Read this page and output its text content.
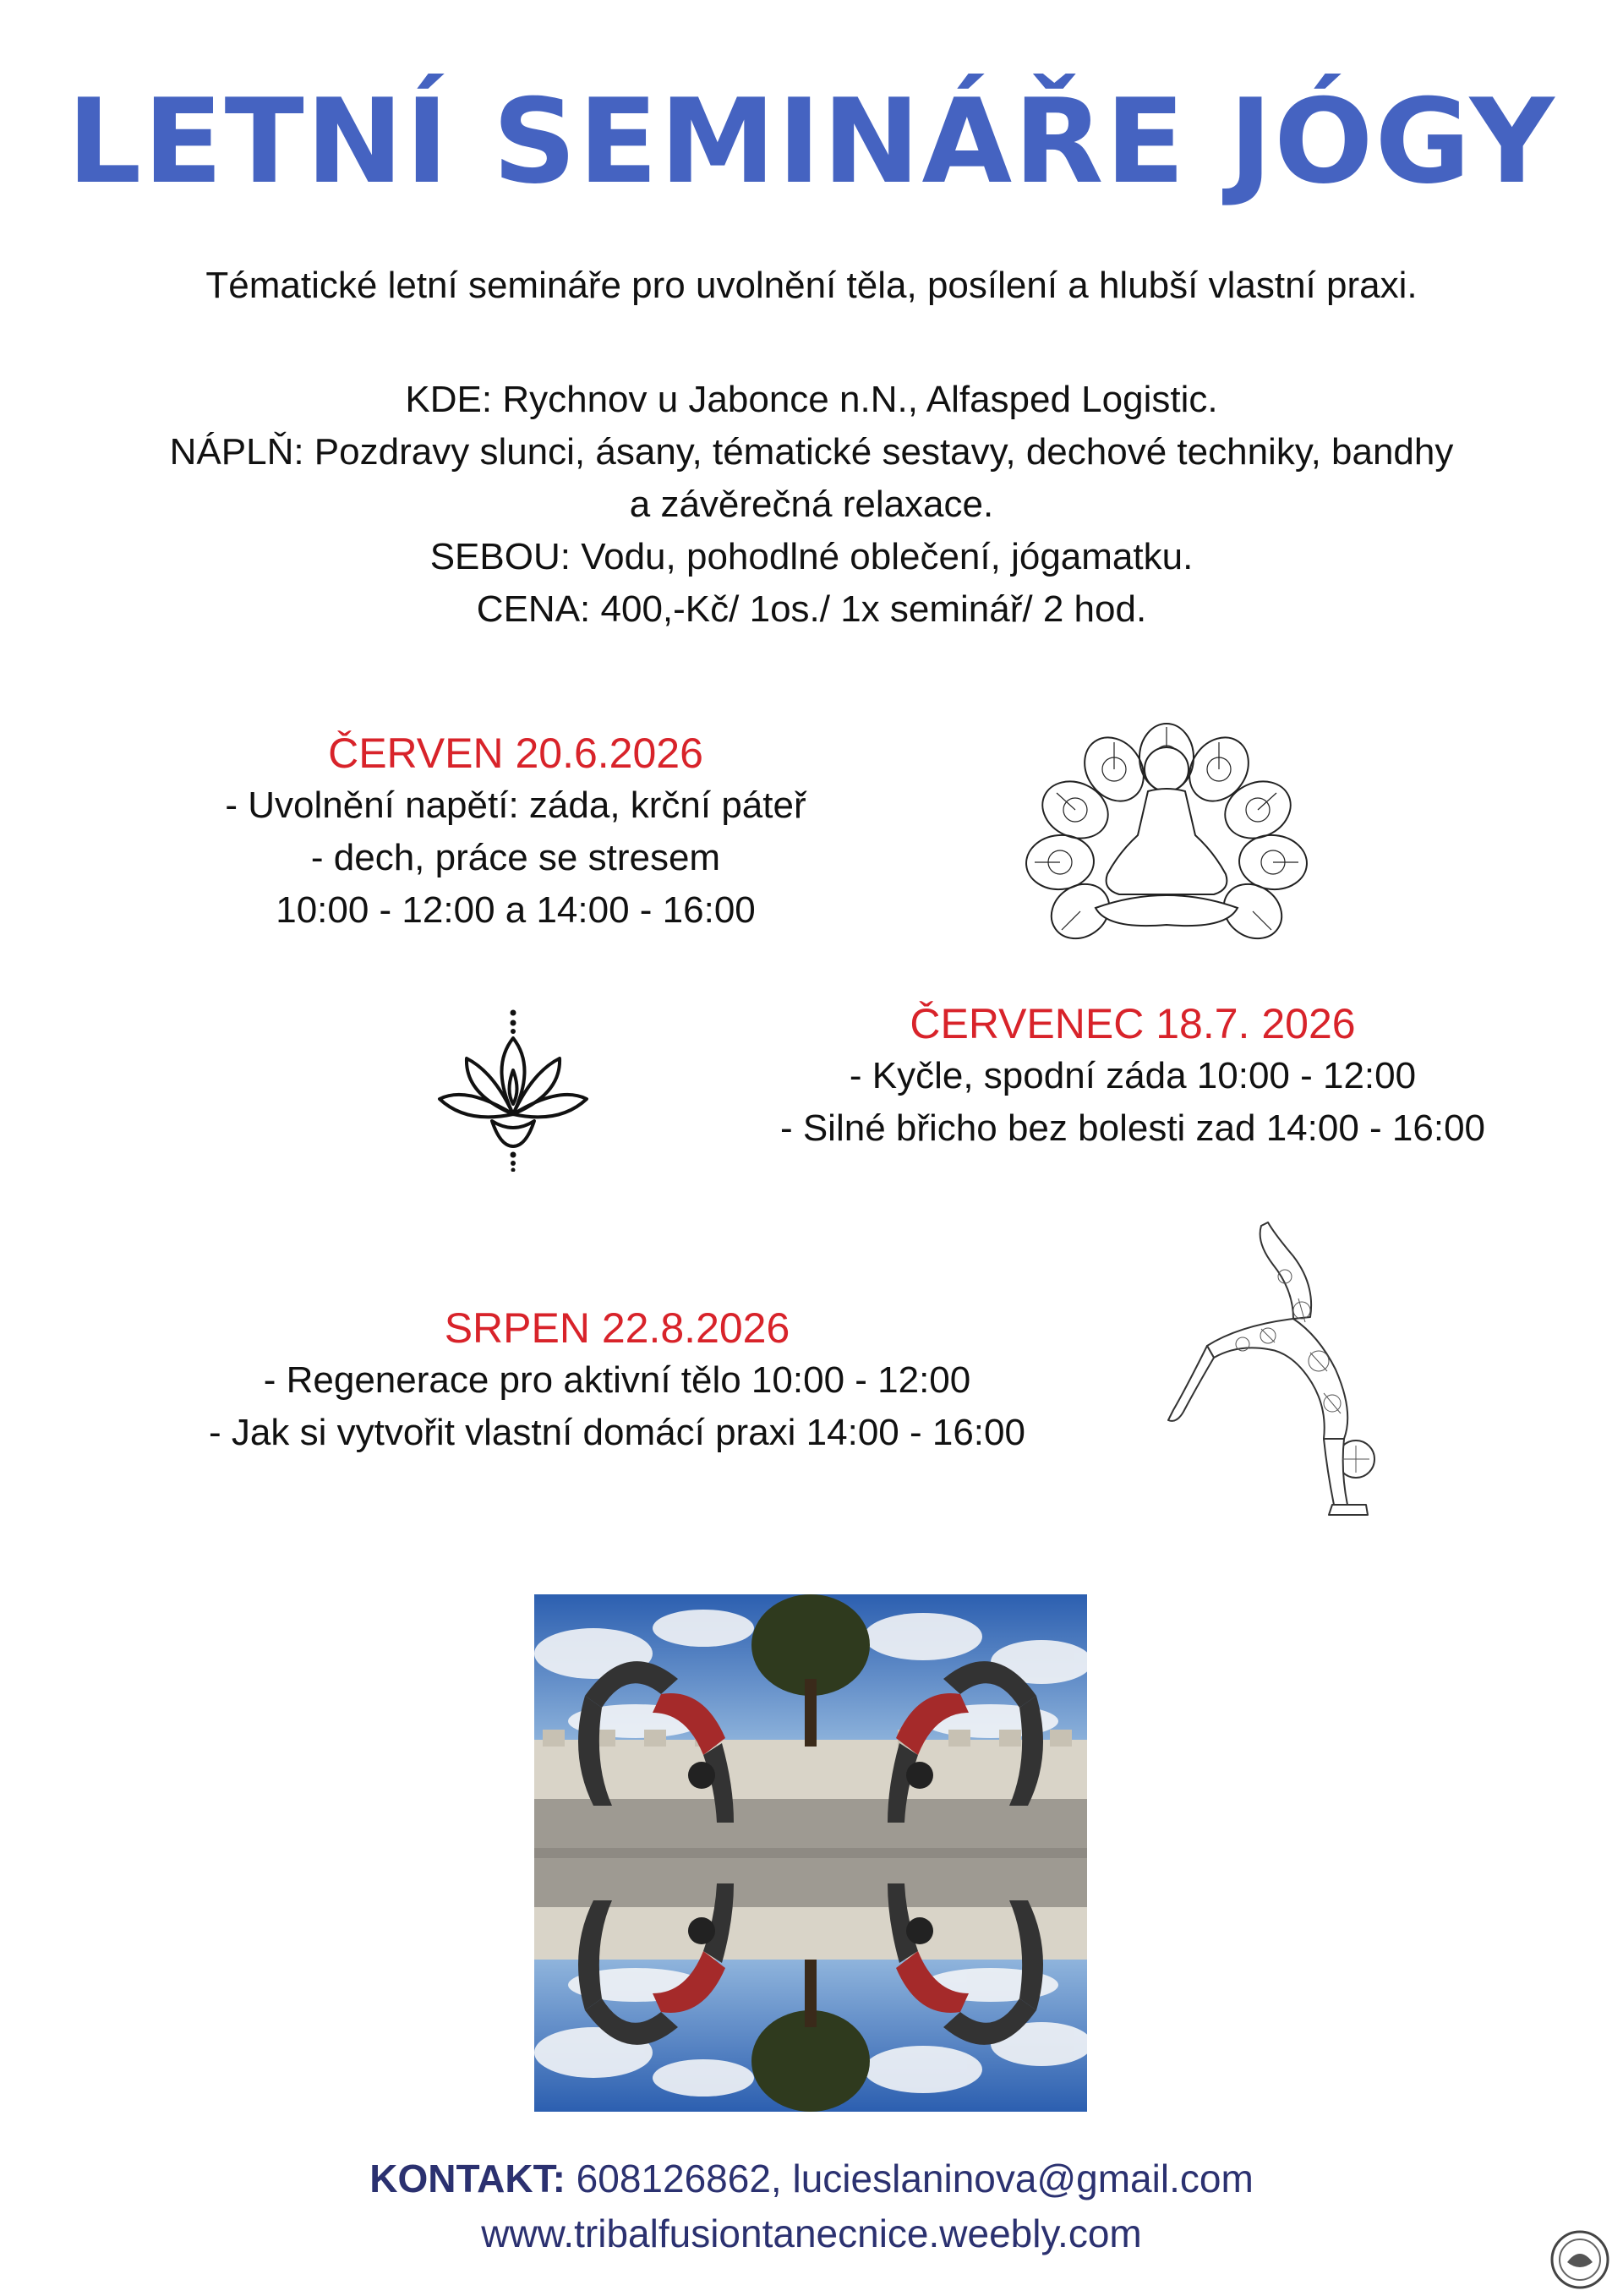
LETNÍ SEMINÁŘE JÓGY
Tématické letní semináře pro uvolnění těla, posílení a hlubší vlastní praxi.
KDE: Rychnov u Jabonce n.N., Alfasped Logistic.
NÁPLŇ: Pozdravy slunci, ásany, tématické sestavy, dechové techniky, bandhy
a závěrečná relaxace.
SEBOU: Vodu, pohodlné oblečení, jógamatku.
CENA: 400,-Kč/ 1os./ 1x seminář/ 2 hod.
ČERVEN 20.6.2026
- Uvolnění napětí: záda, krční páteř
- dech, práce se stresem
10:00 - 12:00 a 14:00 - 16:00
ČERVENEC 18.7. 2026
- Kyčle, spodní záda 10:00 - 12:00
- Silné břicho bez bolesti zad 14:00 - 16:00
SRPEN 22.8.2026
- Regenerace pro aktivní tělo 10:00 - 12:00
- Jak si vytvořit vlastní domácí praxi 14:00 - 16:00
KONTAKT: 608126862, lucieslaninova@gmail.com
www.tribalfusiontanecnice.weebly.com
